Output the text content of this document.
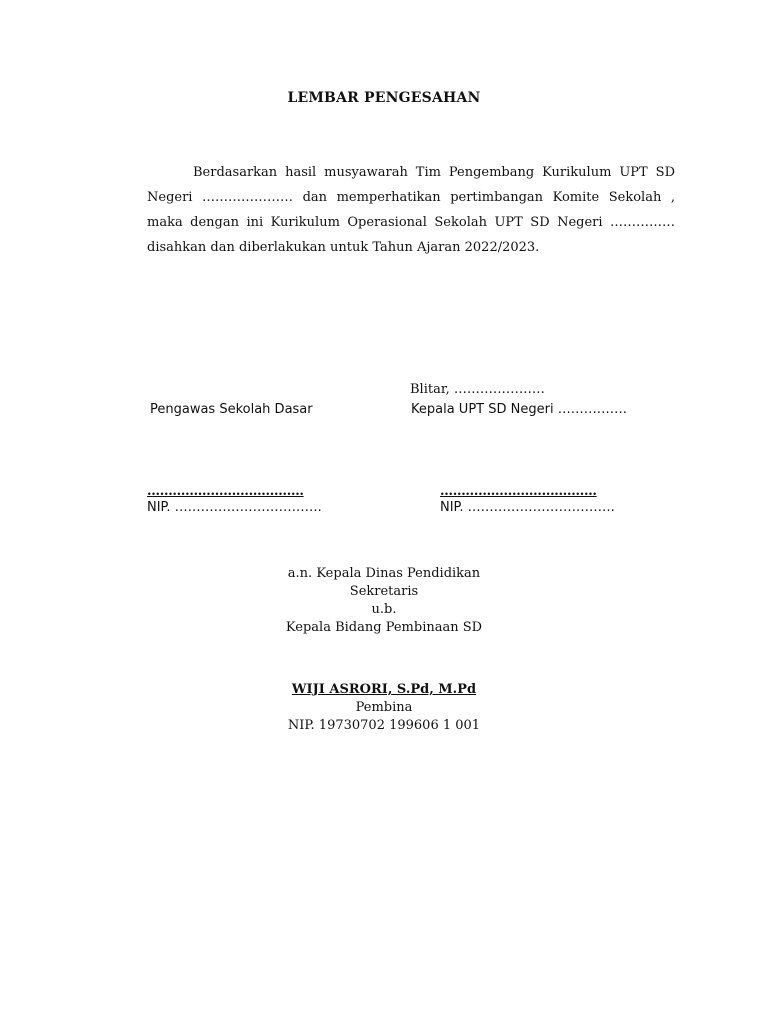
LEMBAR PENGESAHAN
Berdasarkan hasil musyawarah Tim Pengembang Kurikulum UPT SD Negeri ………………… dan memperhatikan pertimbangan Komite Sekolah , maka dengan ini Kurikulum Operasional Sekolah UPT SD Negeri …………… disahkan dan diberlakukan untuk Tahun Ajaran 2022/2023.
Blitar, …………………
Pengawas Sekolah Dasar	Kepala UPT SD Negeri …………….
……………………………….	……………………………….
NIP. …………………………….	NIP. …………………………….
a.n. Kepala Dinas Pendidikan
Sekretaris
u.b.
Kepala Bidang Pembinaan SD
WIJI ASRORI, S.Pd, M.Pd
Pembina
NIP. 19730702 199606 1 001
